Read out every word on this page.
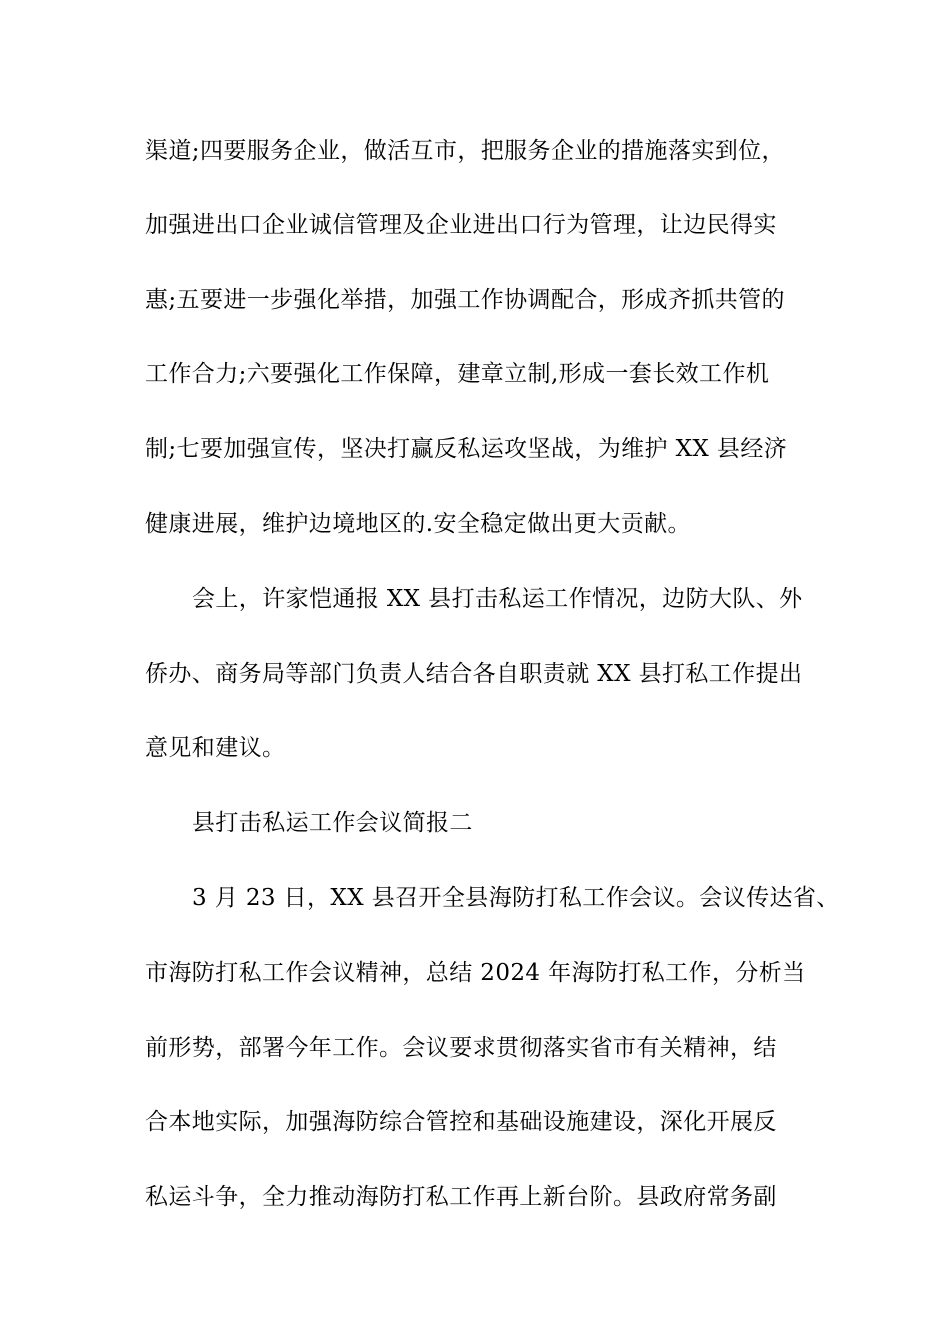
渠道;四要服务企业，做活互市，把服务企业的措施落实到位，
加强进出口企业诚信管理及企业进出口行为管理，让边民得实
惠;五要进一步强化举措，加强工作协调配合，形成齐抓共管的
工作合力;六要强化工作保障，建章立制,形成一套长效工作机
制;七要加强宣传，坚决打赢反私运攻坚战，为维护 XX 县经济
健康进展，维护边境地区的.安全稳定做出更大贡献。
会上，许家恺通报 XX 县打击私运工作情况，边防大队、外
侨办、商务局等部门负责人结合各自职责就 XX 县打私工作提出
意见和建议。
县打击私运工作会议简报二
3 月 23 日，XX 县召开全县海防打私工作会议。会议传达省、
市海防打私工作会议精神，总结 2024 年海防打私工作，分析当
前形势，部署今年工作。会议要求贯彻落实省市有关精神，结
合本地实际，加强海防综合管控和基础设施建设，深化开展反
私运斗争，全力推动海防打私工作再上新台阶。县政府常务副
